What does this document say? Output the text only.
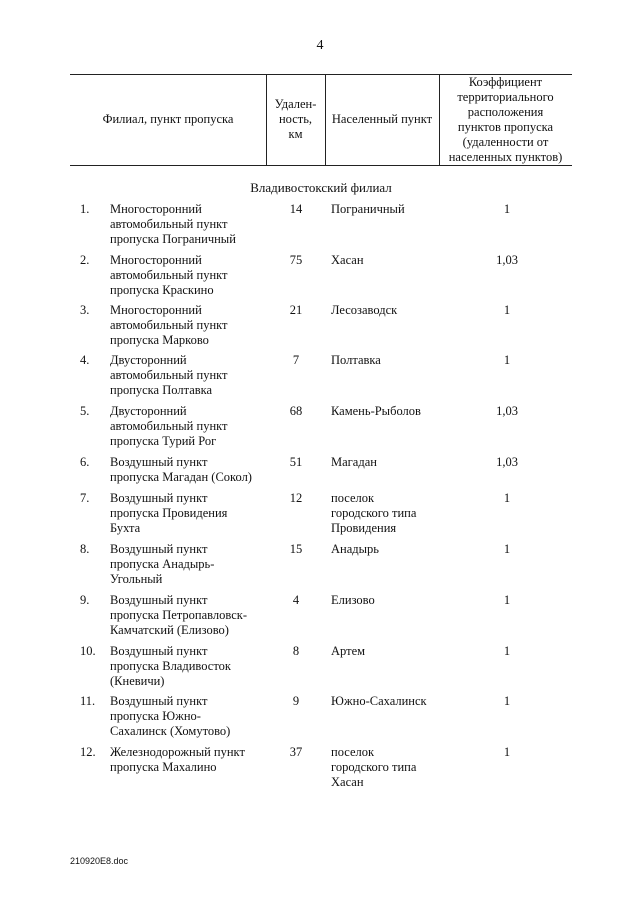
4
Филиал, пункт пропуска
Удален-
ность,
км
Населенный пункт
Коэффициент
территориального
расположения
пунктов пропуска
(удаленности от
населенных пунктов)
Владивостокский филиал
1.	Многосторонний
автомобильный пункт
пропуска Пограничный
14	Пограничный	1
2.	Многосторонний
автомобильный пункт
пропуска Краскино
75	Хасан	1,03
3.	Многосторонний
автомобильный пункт
пропуска Марково
21	Лесозаводск	1
4.	Двусторонний
автомобильный пункт
пропуска Полтавка
7	Полтавка	1
5.	Двусторонний
автомобильный пункт
пропуска Турий Рог
68	Камень-Рыболов	1,03
6.	Воздушный пункт
пропуска Магадан (Сокол)
51	Магадан	1,03
7.	Воздушный пункт
пропуска Провидения
Бухта
12	поселок
городского типа
Провидения
1
8.	Воздушный пункт
пропуска Анадырь-
Угольный
15	Анадырь	1
9.	Воздушный пункт
пропуска Петропавловск-
Камчатский (Елизово)
4	Елизово	1
10.	Воздушный пункт
пропуска Владивосток
(Кневичи)
8	Артем	1
11.	Воздушный пункт
пропуска Южно-
Сахалинск (Хомутово)
9	Южно-Сахалинск	1
12.	Железнодорожный пункт
пропуска Махалино
37	поселок
городского типа
Хасан
1
210920E8.doc
